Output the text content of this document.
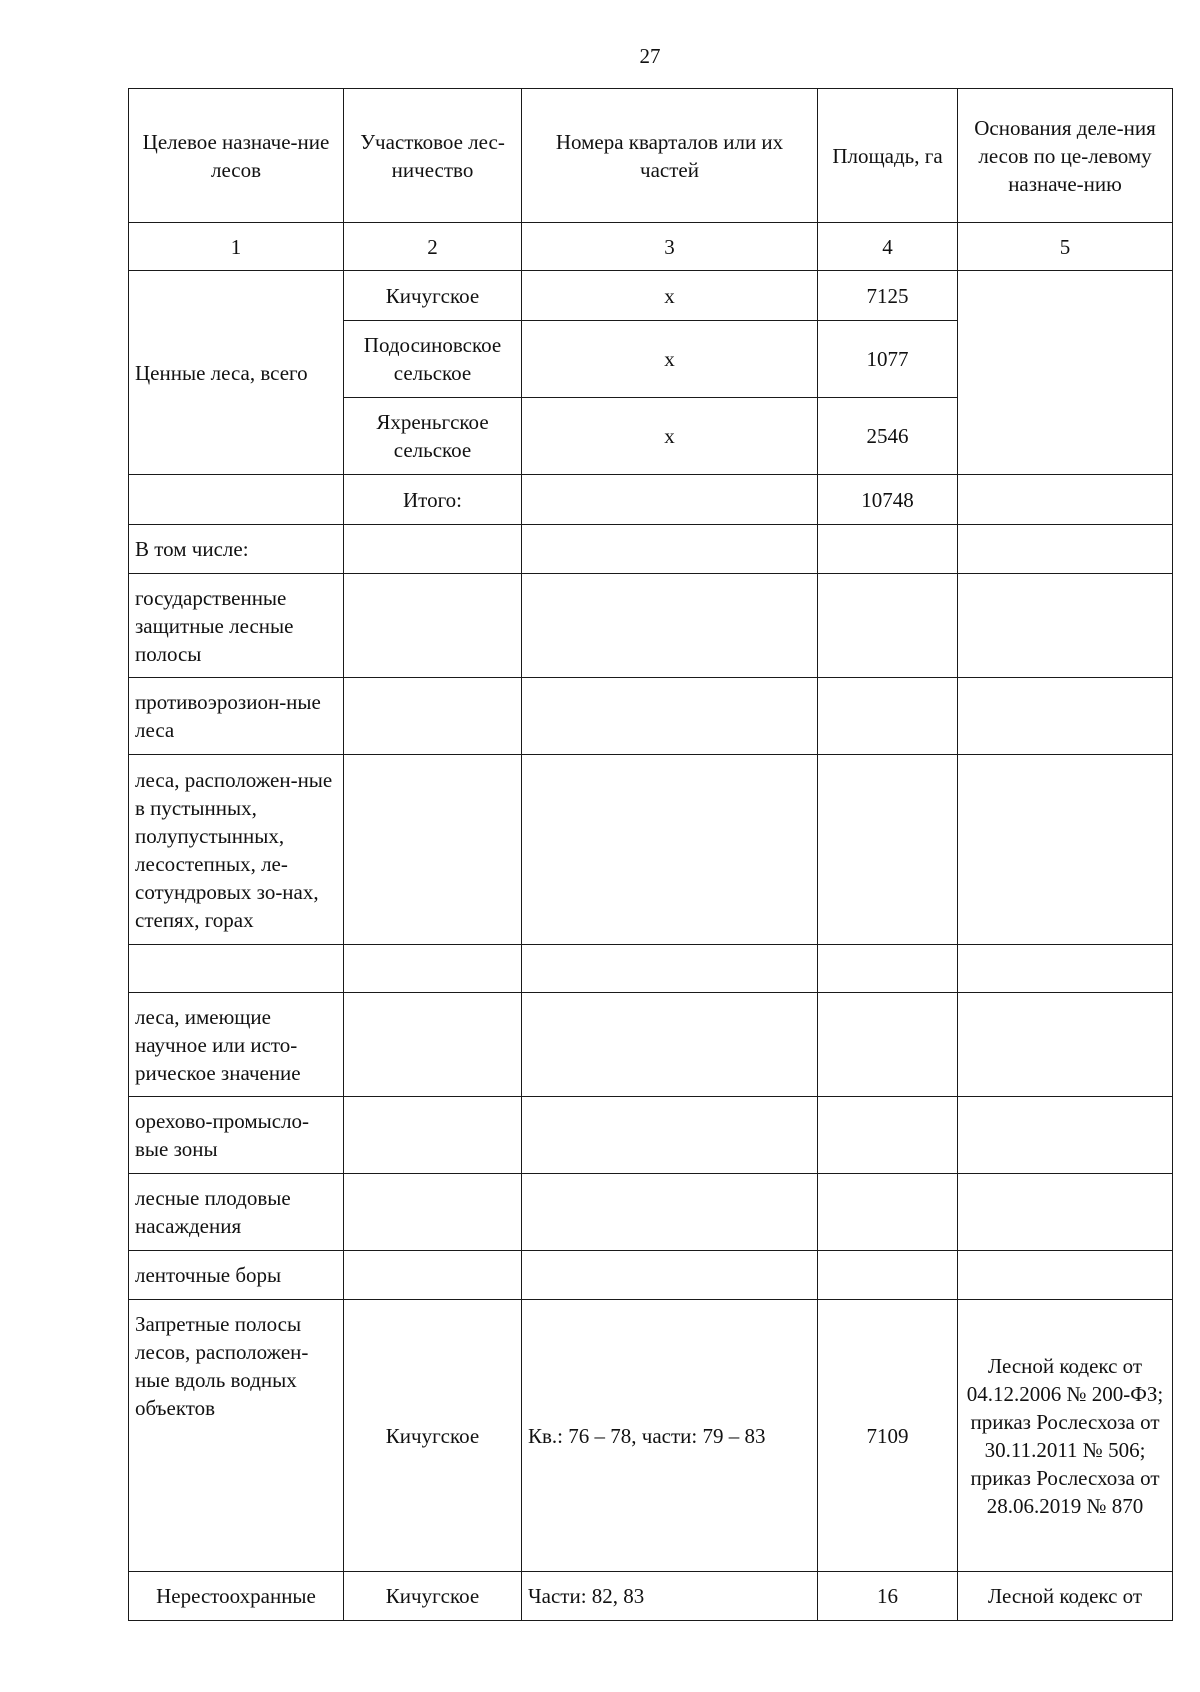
27
Целевое назначе-ние лесов	Участковое лес-ничество	Номера кварталов или их частей	Площадь, га	Основания деле-ния лесов по це-левому назначе-нию
1	2	3	4	5
Ценные леса, всего	Кичугское	х	7125	
	Подосиновское сельское	х	1077	
	Яхреньгское сельское	х	2546	
	Итого:		10748	
В том числе:				
государственные защитные лесные полосы				
противоэрозион-ные леса				
леса, расположен-ные в пустынных, полупустынных, лесостепных, ле-сотундровых зо-нах, степях, горах				

леса, имеющие научное или исто-рическое значение				
орехово-промысло-вые зоны				
лесные плодовые насаждения				
ленточные боры				
Запретные полосы лесов, расположен-ные вдоль водных объектов	Кичугское	Кв.: 76 – 78, части: 79 – 83	7109	Лесной кодекс от 04.12.2006 № 200-ФЗ; приказ Рослесхоза от 30.11.2011 № 506; приказ Рослесхоза от 28.06.2019 № 870
Нерестоохранные	Кичугское	Части: 82, 83	16	Лесной кодекс от
